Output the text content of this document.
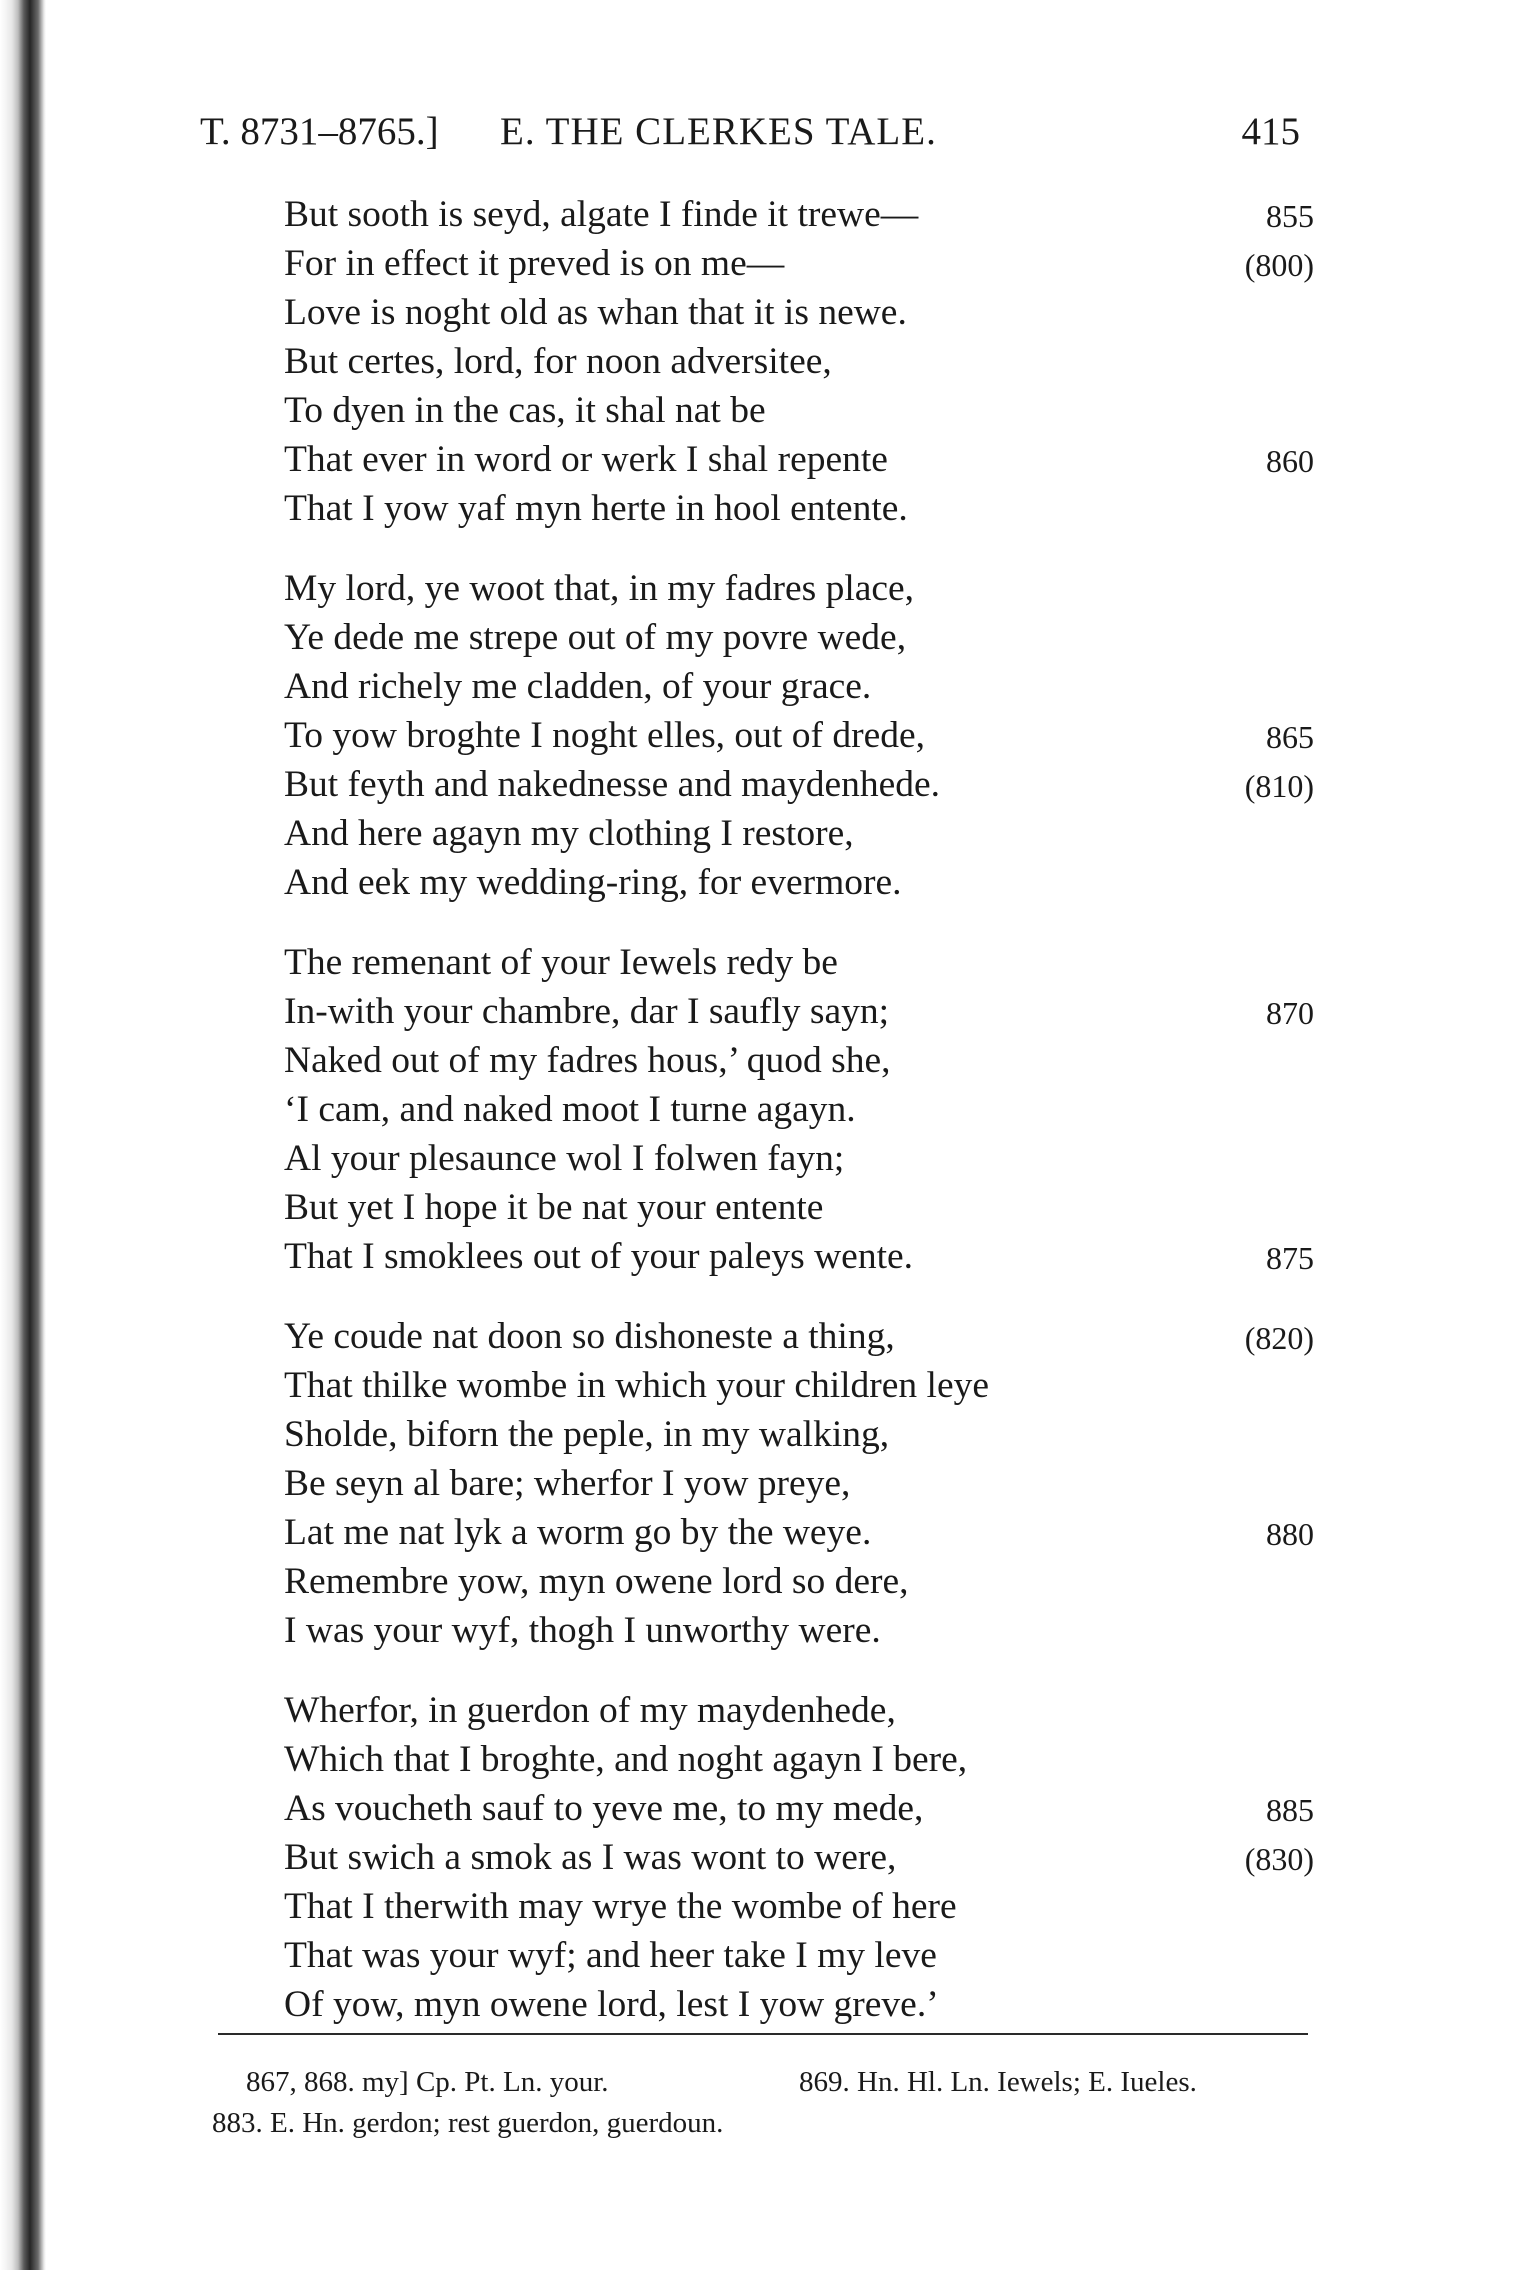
T. 8731–8765.] E. THE CLERKES TALE.	415
But sooth is seyd, algate I finde it trewe—	855
For in effect it preved is on me—	(800)
Love is noght old as whan that it is newe.
But certes, lord, for noon adversitee,
To dyen in the cas, it shal nat be
That ever in word or werk I shal repente	860
That I yow yaf myn herte in hool entente.
My lord, ye woot that, in my fadres place,
Ye dede me strepe out of my povre wede,
And richely me cladden, of your grace.
To yow broghte I noght elles, out of drede,	865
But feyth and nakednesse and maydenhede.	(810)
And here agayn my clothing I restore,
And eek my wedding-ring, for evermore.
The remenant of your Iewels redy be
In-with your chambre, dar I saufly sayn;	870
Naked out of my fadres hous,’ quod she,
‘I cam, and naked moot I turne agayn.
Al your plesaunce wol I folwen fayn;
But yet I hope it be nat your entente
That I smoklees out of your paleys wente.	875
Ye coude nat doon so dishoneste a thing,	(820)
That thilke wombe in which your children leye
Sholde, biforn the peple, in my walking,
Be seyn al bare; wherfor I yow preye,
Lat me nat lyk a worm go by the weye.	880
Remembre yow, myn owene lord so dere,
I was your wyf, thogh I unworthy were.
Wherfor, in guerdon of my maydenhede,
Which that I broghte, and noght agayn I bere,
As voucheth sauf to yeve me, to my mede,	885
But swich a smok as I was wont to were,	(830)
That I therwith may wrye the wombe of here
That was your wyf; and heer take I my leve
Of yow, myn owene lord, lest I yow greve.’
867, 868. my] Cp. Pt. Ln. your.	869. Hn. Hl. Ln. Iewels; E. Iueles.
883. E. Hn. gerdon; rest guerdon, guerdoun.
